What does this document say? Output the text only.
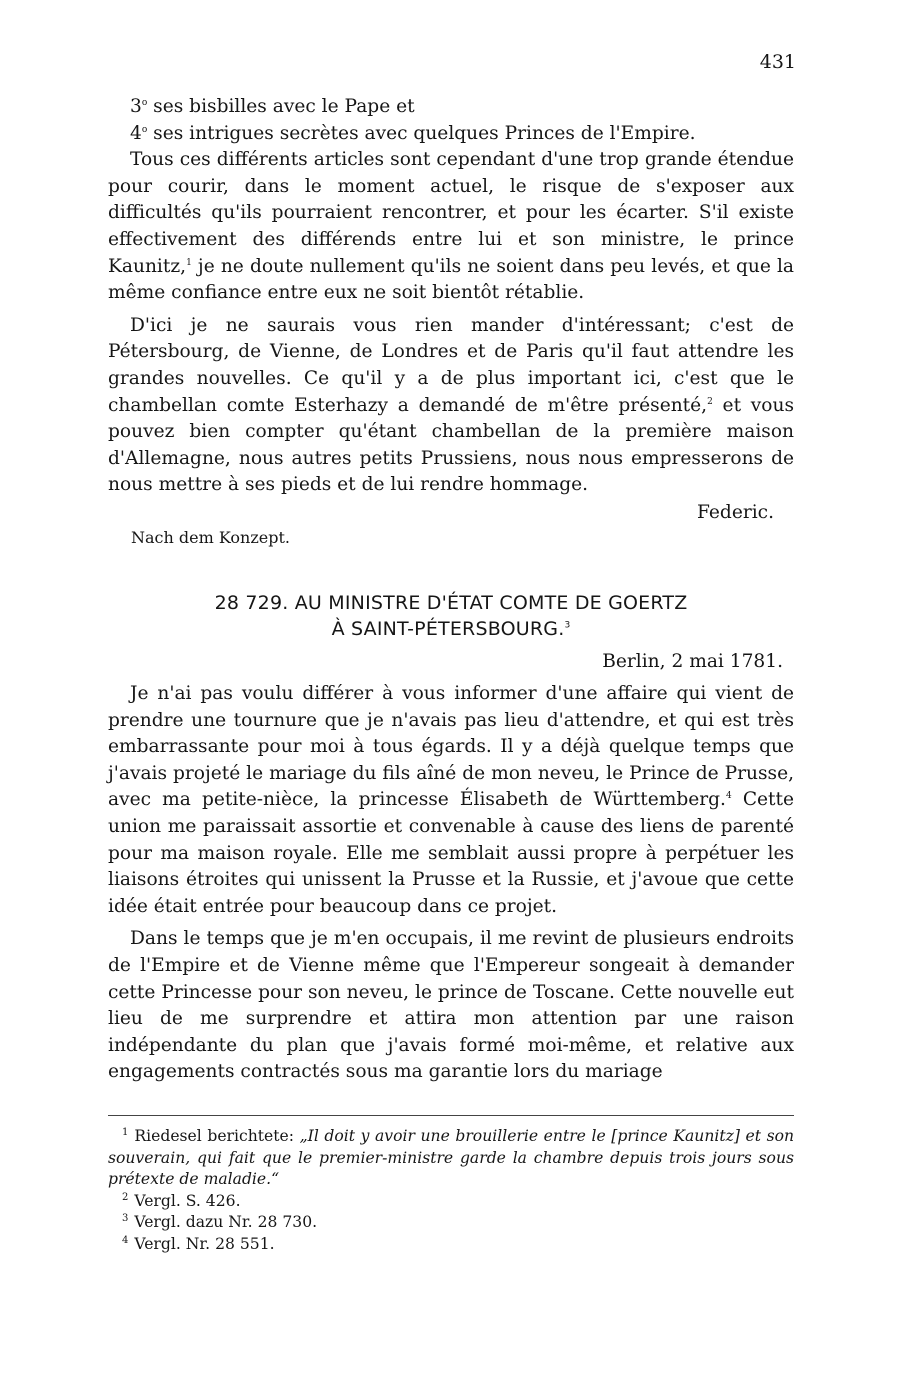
431

3$^o$ ses bisbilles avec le Pape et

4$^o$ ses intrigues secrètes avec quelques Princes de l'Empire.

Tous ces différents articles sont cependant d'une trop grande étendue pour courir, dans le moment actuel, le risque de s'exposer aux difficultés qu'ils pourraient rencontrer, et pour les écarter. S'il existe effectivement des différends entre lui et son ministre, le prince Kaunitz,$^1$ je ne doute nullement qu'ils ne soient dans peu levés, et que la même confiance entre eux ne soit bientôt rétablie.

D'ici je ne saurais vous rien mander d'intéressant; c'est de Pétersbourg, de Vienne, de Londres et de Paris qu'il faut attendre les grandes nouvelles. Ce qu'il y a de plus important ici, c'est que le chambellan comte Esterhazy a demandé de m'être présenté,$^2$ et vous pouvez bien compter qu'étant chambellan de la première maison d'Allemagne, nous autres petits Prussiens, nous nous empresserons de nous mettre à ses pieds et de lui rendre hommage.

Federic.
Nach dem Konzept.
28 729. AU MINISTRE D'ÉTAT COMTE DE GOERTZ
À SAINT-PÉTERSBOURG.$^3$
Berlin, 2 mai 1781.

Je n'ai pas voulu différer à vous informer d'une affaire qui vient de prendre une tournure que je n'avais pas lieu d'attendre, et qui est très embarrassante pour moi à tous égards. Il y a déjà quelque temps que j'avais projeté le mariage du fils aîné de mon neveu, le Prince de Prusse, avec ma petite-nièce, la princesse Élisabeth de Württemberg.$^4$ Cette union me paraissait assortie et convenable à cause des liens de parenté pour ma maison royale. Elle me semblait aussi propre à perpétuer les liaisons étroites qui unissent la Prusse et la Russie, et j'avoue que cette idée était entrée pour beaucoup dans ce projet.

Dans le temps que je m'en occupais, il me revint de plusieurs endroits de l'Empire et de Vienne même que l'Empereur songeait à demander cette Princesse pour son neveu, le prince de Toscane. Cette nouvelle eut lieu de me surprendre et attira mon attention par une raison indépendante du plan que j'avais formé moi-même, et relative aux engagements contractés sous ma garantie lors du mariage

$^1$ Riedesel berichtete: „Il doit y avoir une brouillerie entre le [prince Kaunitz] et son souverain, qui fait que le premier-ministre garde la chambre depuis trois jours sous prétexte de maladie.“

$^2$ Vergl. S. 426.

$^3$ Vergl. dazu Nr. 28 730.

$^4$ Vergl. Nr. 28 551.
